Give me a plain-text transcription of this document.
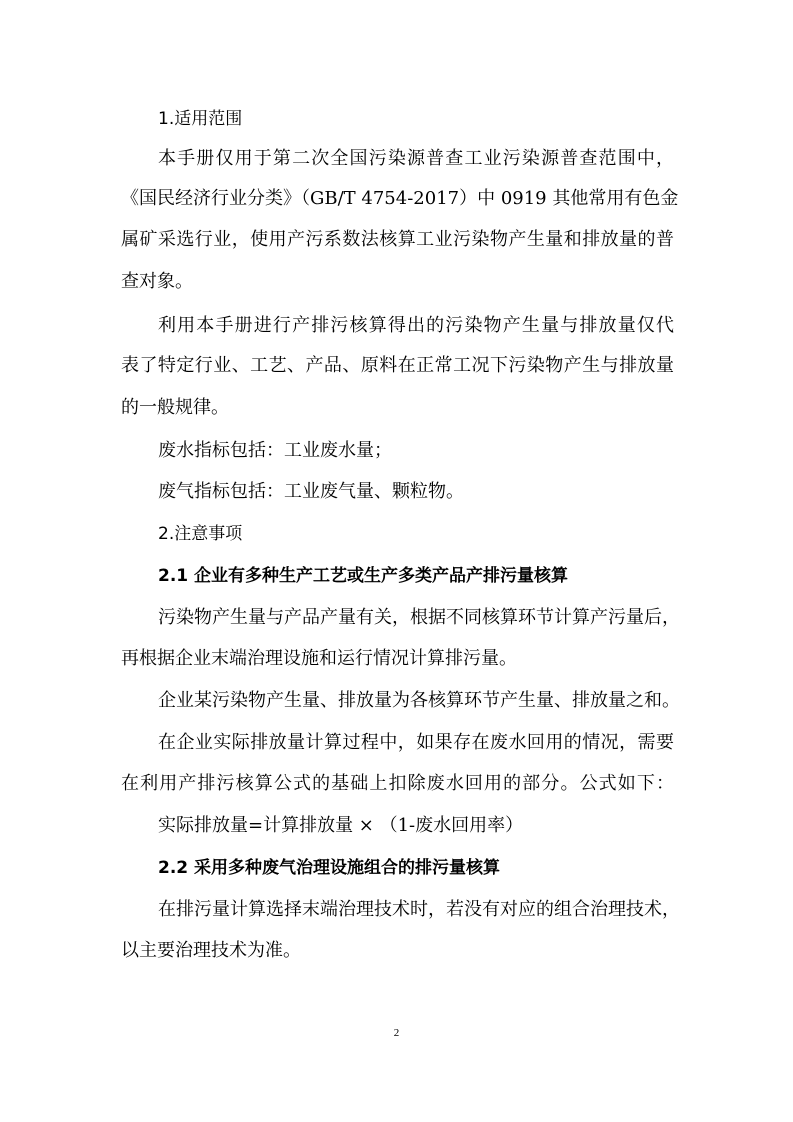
1.适用范围

本手册仅用于第二次全国污染源普查工业污染源普查范围中，

《国民经济行业分类》（GB/T 4754-2017）中 0919 其他常用有色金

属矿采选行业，使用产污系数法核算工业污染物产生量和排放量的普

查对象。

利用本手册进行产排污核算得出的污染物产生量与排放量仅代

表了特定行业、工艺、产品、原料在正常工况下污染物产生与排放量

的一般规律。

废水指标包括：工业废水量；

废气指标包括：工业废气量、颗粒物。

2.注意事项

2.1 企业有多种生产工艺或生产多类产品产排污量核算

污染物产生量与产品产量有关，根据不同核算环节计算产污量后，

再根据企业末端治理设施和运行情况计算排污量。

企业某污染物产生量、排放量为各核算环节产生量、排放量之和。

在企业实际排放量计算过程中，如果存在废水回用的情况，需要

在利用产排污核算公式的基础上扣除废水回用的部分。公式如下：

实际排放量=计算排放量 × （1-废水回用率）

2.2 采用多种废气治理设施组合的排污量核算

在排污量计算选择末端治理技术时，若没有对应的组合治理技术，

以主要治理技术为准。

2
